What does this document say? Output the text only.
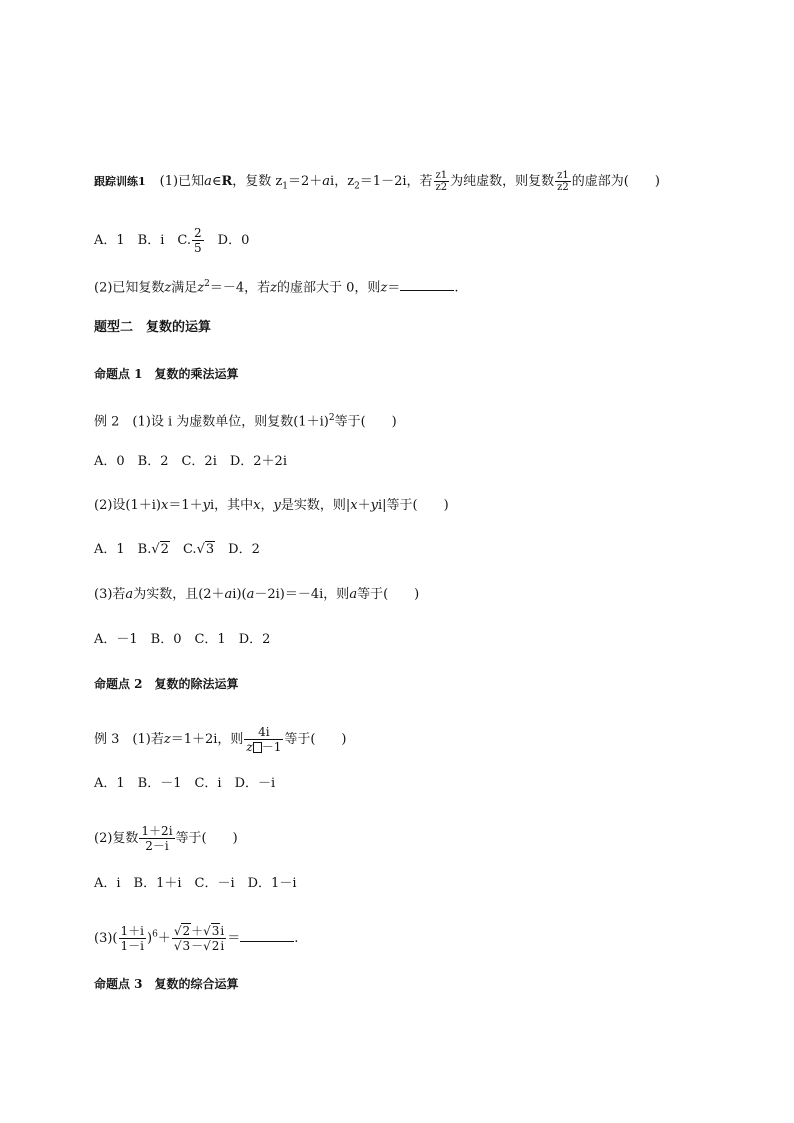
跟踪训练1 (1)已知a∈R，复数 $z_1=2+ai$，$z_2=1-2i$，若 $\frac{z1}{z2}$ 为纯虚数，则复数 $\frac{z1}{z2}$ 的虚部为(　　)
A．1　B．i　C. $\frac{2}{5}$ 　D．0
(2)已知复数z满足$z^2=-4$，若z的虚部大于 0，则z＝	.
题型二　复数的运算
命题点 1　复数的乘法运算
例 2　(1)设 i 为虚数单位，则复数$(1+i)^2$等于(　　)
A．0　B．2　C．2i　D．2＋2i
(2)设(1＋i)x＝1＋yi，其中x，y是实数，则|x＋yi|等于(　　)
A．1　B.√2　C.√3　D．2
(3)若a为实数，且(2＋ai)(a－2i)＝－4i，则a等于(　　)
A．－1　B．0　C．1　D．2
命题点 2　复数的除法运算
例 3　(1)若z＝1＋2i，则 $\frac{4i}{z -1}$ 等于(　　)
A．1　B．－1　C．i　D．－i
(2)复数 $\frac{1+2i}{2-i}$ 等于(　　)
A．i　B．1＋i　C．－i　D．1－i
$(3)( \frac{1+i}{1-i} )^6+ \frac{√2+√3i}{√3-√2i}$ ＝	.
命题点 3　复数的综合运算
